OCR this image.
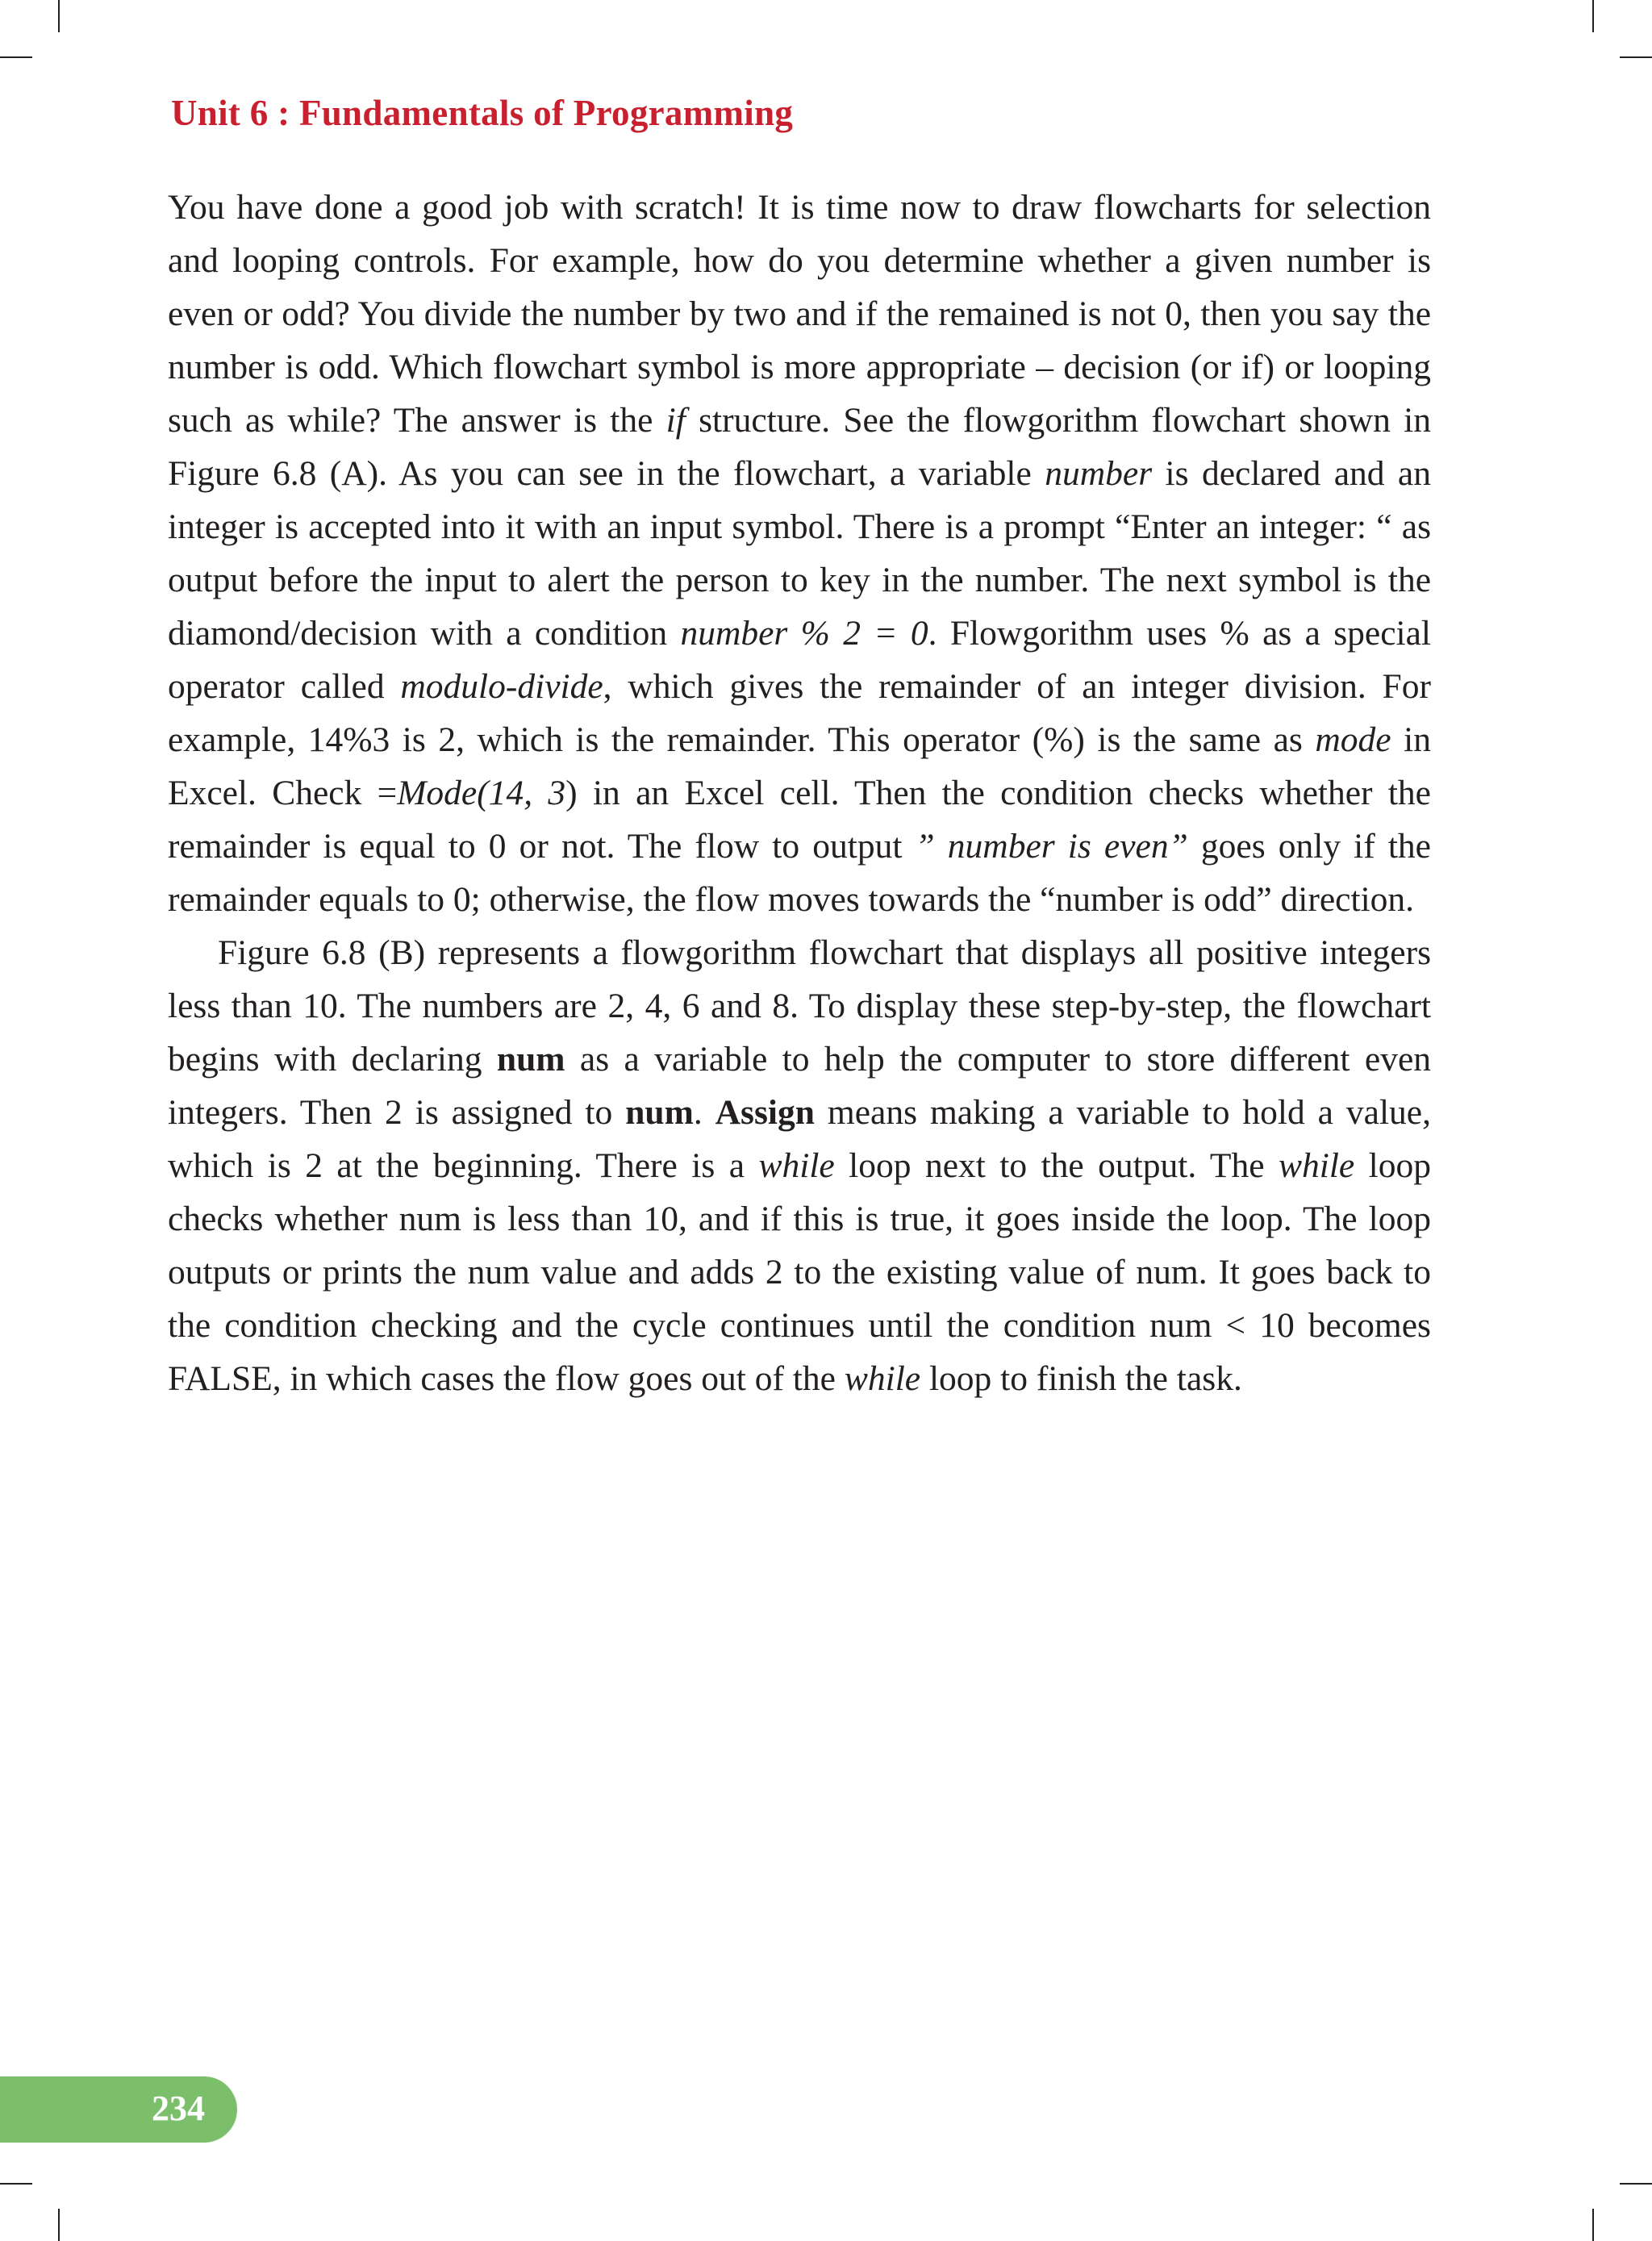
Unit 6 : Fundamentals of Programming

You have done a good job with scratch! It is time now to draw flowcharts for selection and looping controls. For example, how do you determine whether a given number is even or odd? You divide the number by two and if the remained is not 0, then you say the number is odd. Which flowchart symbol is more appropriate – decision (or if) or looping such as while? The answer is the if structure. See the flowgorithm flowchart shown in Figure 6.8 (A). As you can see in the flowchart, a variable number is declared and an integer is accepted into it with an input symbol. There is a prompt “Enter an integer: “ as output before the input to alert the person to key in the number. The next symbol is the diamond/decision with a condition number % 2 = 0. Flowgorithm uses % as a special operator called modulo-divide, which gives the remainder of an integer division. For example, 14%3 is 2, which is the remainder. This operator (%) is the same as mode in Excel. Check =Mode(14, 3) in an Excel cell. Then the condition checks whether the remainder is equal to 0 or not. The flow to output ” number is even” goes only if the remainder equals to 0; otherwise, the flow moves towards the “number is odd” direction.

Figure 6.8 (B) represents a flowgorithm flowchart that displays all positive integers less than 10. The numbers are 2, 4, 6 and 8. To display these step-by-step, the flowchart begins with declaring num as a variable to help the computer to store different even integers. Then 2 is assigned to num. Assign means making a variable to hold a value, which is 2 at the beginning. There is a while loop next to the output. The while loop checks whether num is less than 10, and if this is true, it goes inside the loop. The loop outputs or prints the num value and adds 2 to the existing value of num. It goes back to the condition checking and the cycle continues until the condition num < 10 becomes FALSE, in which cases the flow goes out of the while loop to finish the task.

234
